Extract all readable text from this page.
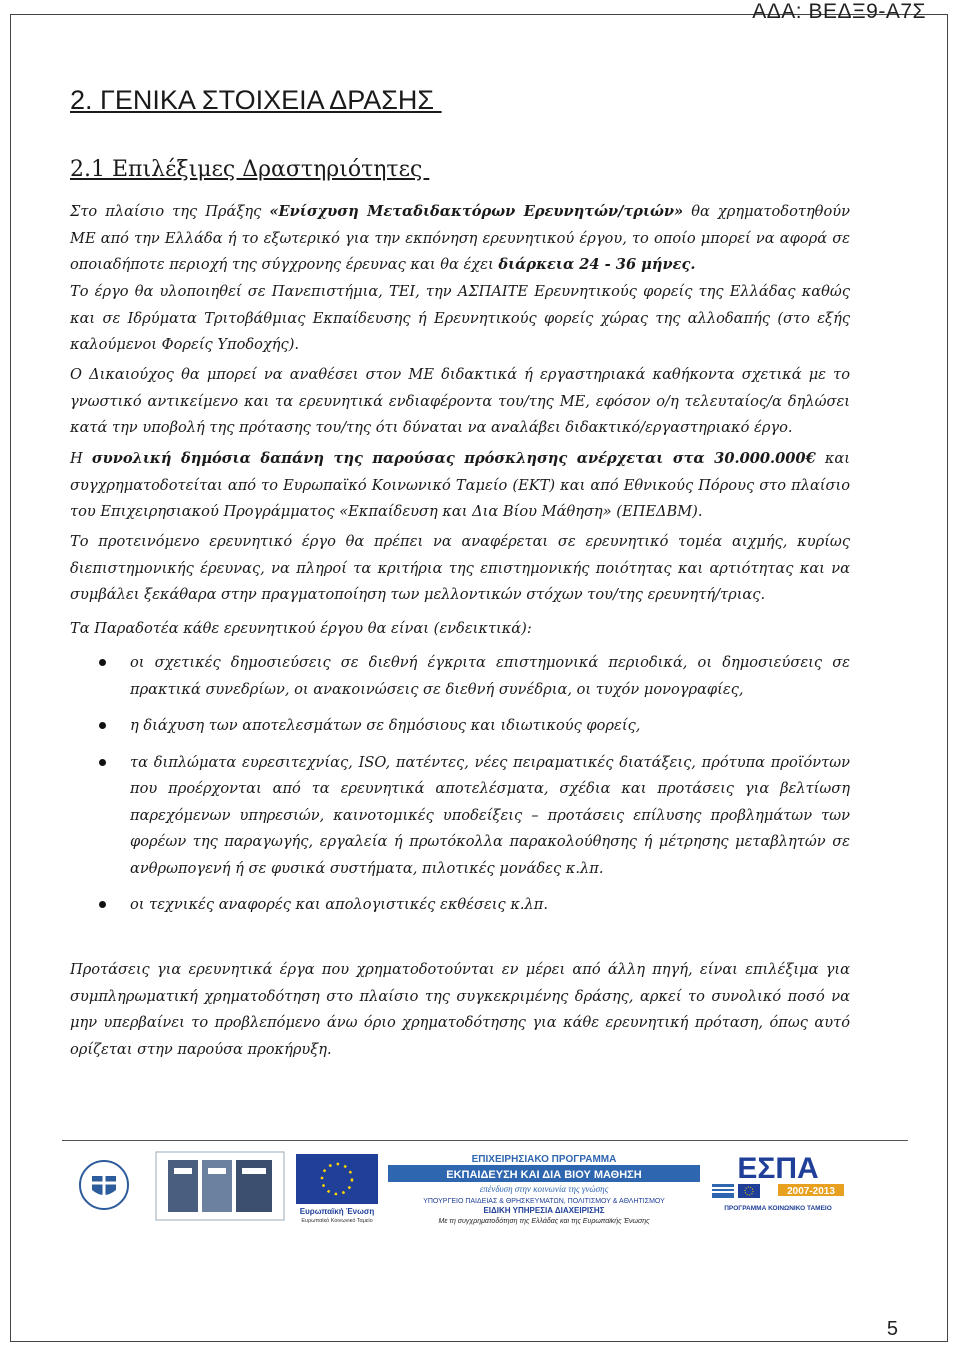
ΑΔΑ: ΒΕΔΞ9-Α7Σ
2. ΓΕΝΙΚΑ ΣΤΟΙΧΕΙΑ ΔΡΑΣΗΣ
2.1 Επιλέξιμες Δραστηριότητες

Στο πλαίσιο της Πράξης «Ενίσχυση Μεταδιδακτόρων Ερευνητών/τριών» θα χρηματοδοτηθούν ΜΕ από την Ελλάδα ή το εξωτερικό για την εκπόνηση ερευνητικού έργου, το οποίο μπορεί να αφορά σε οποιαδήποτε περιοχή της σύγχρονης έρευνας και θα έχει διάρκεια 24 - 36 μήνες.

Το έργο θα υλοποιηθεί σε Πανεπιστήμια, ΤΕΙ, την ΑΣΠΑΙΤΕ Ερευνητικούς φορείς της Ελλάδας καθώς και σε Ιδρύματα Τριτοβάθμιας Εκπαίδευσης ή Ερευνητικούς φορείς χώρας της αλλοδαπής (στο εξής καλούμενοι Φορείς Υποδοχής).

Ο Δικαιούχος θα μπορεί να αναθέσει στον ΜΕ διδακτικά ή εργαστηριακά καθήκοντα σχετικά με το γνωστικό αντικείμενο και τα ερευνητικά ενδιαφέροντα του/της ΜΕ, εφόσον ο/η τελευταίος/α δηλώσει κατά την υποβολή της πρότασης του/της ότι δύναται να αναλάβει διδακτικό/εργαστηριακό έργο.

Η συνολική δημόσια δαπάνη της παρούσας πρόσκλησης ανέρχεται στα 30.000.000€ και συγχρηματοδοτείται από το Ευρωπαϊκό Κοινωνικό Ταμείο (ΕΚΤ) και από Εθνικούς Πόρους στο πλαίσιο του Επιχειρησιακού Προγράμματος «Εκπαίδευση και Δια Βίου Μάθηση» (ΕΠΕΔΒΜ).

Το προτεινόμενο ερευνητικό έργο θα πρέπει να αναφέρεται σε ερευνητικό τομέα αιχμής, κυρίως διεπιστημονικής έρευνας, να πληροί τα κριτήρια της επιστημονικής ποιότητας και αρτιότητας και να συμβάλει ξεκάθαρα στην πραγματοποίηση των μελλοντικών στόχων του/της ερευνητή/τριας.

Τα Παραδοτέα κάθε ερευνητικού έργου θα είναι (ενδεικτικά):

οι σχετικές δημοσιεύσεις σε διεθνή έγκριτα επιστημονικά περιοδικά, οι δημοσιεύσεις σε πρακτικά συνεδρίων, οι ανακοινώσεις σε διεθνή συνέδρια, οι τυχόν μονογραφίες,
η διάχυση των αποτελεσμάτων σε δημόσιους και ιδιωτικούς φορείς,
τα διπλώματα ευρεσιτεχνίας, ISO, πατέντες, νέες πειραματικές διατάξεις, πρότυπα προϊόντων που προέρχονται από τα ερευνητικά αποτελέσματα, σχέδια και προτάσεις για βελτίωση παρεχόμενων υπηρεσιών, καινοτομικές υποδείξεις – προτάσεις επίλυσης προβλημάτων των φορέων της παραγωγής, εργαλεία ή πρωτόκολλα παρακολούθησης ή μέτρησης μεταβλητών σε ανθρωπογενή ή σε φυσικά συστήματα, πιλοτικές μονάδες κ.λπ.
οι τεχνικές αναφορές και απολογιστικές εκθέσεις κ.λπ.

Προτάσεις για ερευνητικά έργα που χρηματοδοτούνται εν μέρει από άλλη πηγή, είναι επιλέξιμα για συμπληρωματική χρηματοδότηση στο πλαίσιο της συγκεκριμένης δράσης, αρκεί το συνολικό ποσό να μην υπερβαίνει το προβλεπόμενο άνω όριο χρηματοδότησης για κάθε ερευνητική πρόταση, όπως αυτό ορίζεται στην παρούσα προκήρυξη.

Ευρωπαϊκή Ένωση
Ευρωπαϊκό Κοινωνικό Ταμείο
ΕΠΙΧΕΙΡΗΣΙΑΚΟ ΠΡΟΓΡΑΜΜΑ
ΕΚΠΑΙΔΕΥΣΗ ΚΑΙ ΔΙΑ ΒΙΟΥ ΜΑΘΗΣΗ
επένδυση στην κοινωνία της γνώσης
ΥΠΟΥΡΓΕΙΟ ΠΑΙΔΕΙΑΣ & ΘΡΗΣΚΕΥΜΑΤΩΝ, ΠΟΛΙΤΙΣΜΟΥ & ΑΘΛΗΤΙΣΜΟΥ
ΕΙΔΙΚΗ ΥΠΗΡΕΣΙΑ ΔΙΑΧΕΙΡΙΣΗΣ
Με τη συγχρηματοδότηση της Ελλάδας και της Ευρωπαϊκής Ένωσης
ΕΣΠΑ
2007-2013
ΠΡΟΓΡΑΜΜΑ ΚΟΙΝΩΝΙΚΟ ΤΑΜΕΙΟ
5
